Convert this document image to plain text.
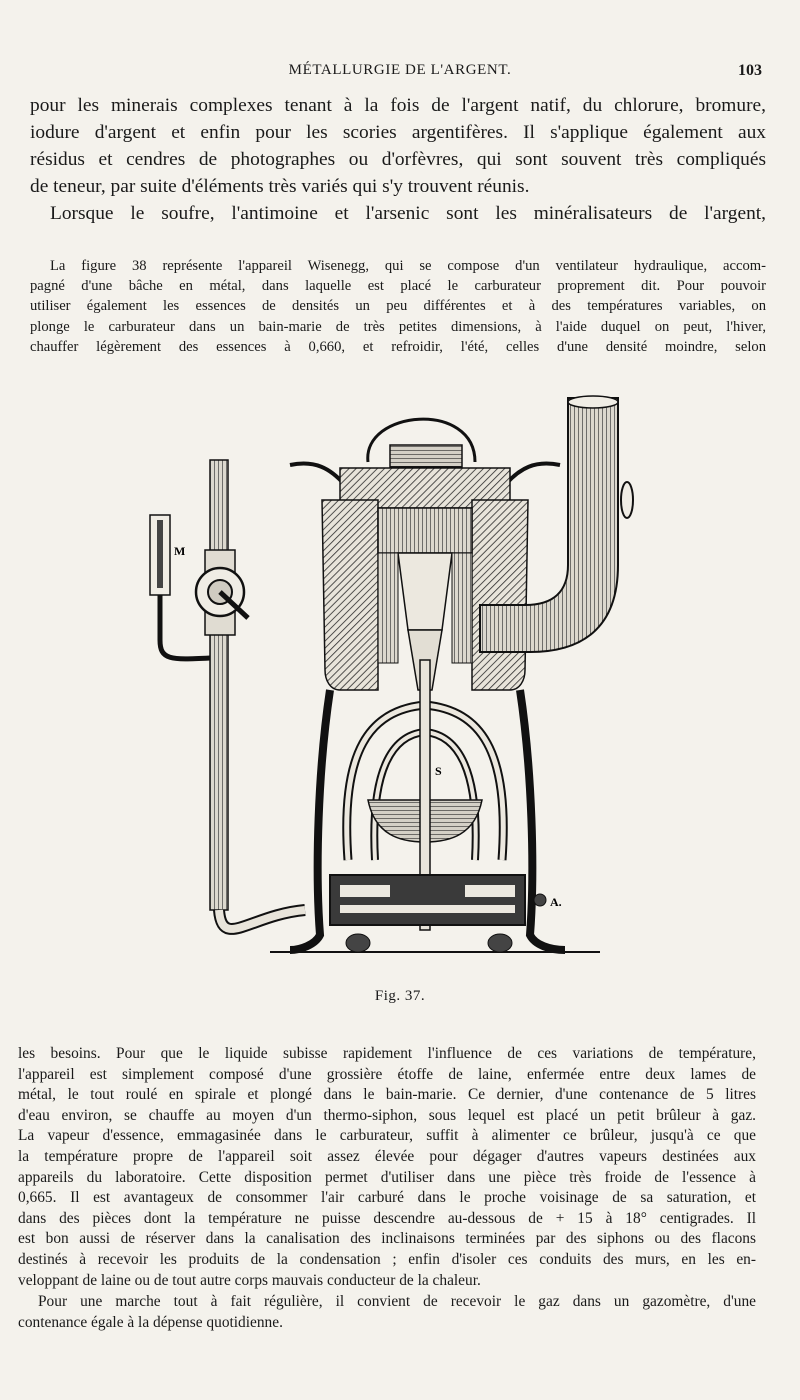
MÉTALLURGIE DE L'ARGENT.	103
pour les minerais complexes tenant à la fois de l'argent natif, du chlorure, bromure,
iodure d'argent et enfin pour les scories argentifères. Il s'applique également aux
résidus et cendres de photographes ou d'orfèvres, qui sont souvent très compliqués
de teneur, par suite d'éléments très variés qui s'y trouvent réunis.
Lorsque le soufre, l'antimoine et l'arsenic sont les minéralisateurs de l'argent,
La figure 38 représente l'appareil Wisenegg, qui se compose d'un ventilateur hydraulique, accom-
pagné d'une bâche en métal, dans laquelle est placé le carburateur proprement dit. Pour pouvoir
utiliser également les essences de densités un peu différentes et à des températures variables, on
plonge le carburateur dans un bain-marie de très petites dimensions, à l'aide duquel on peut, l'hiver,
chauffer légèrement des essences à 0,660, et refroidir, l'été, celles d'une densité moindre, selon
M
S
A.
Fig. 37.
les besoins. Pour que le liquide subisse rapidement l'influence de ces variations de température,
l'appareil est simplement composé d'une grossière étoffe de laine, enfermée entre deux lames de
métal, le tout roulé en spirale et plongé dans le bain-marie. Ce dernier, d'une contenance de 5 litres
d'eau environ, se chauffe au moyen d'un thermo-siphon, sous lequel est placé un petit brûleur à gaz.
La vapeur d'essence, emmagasinée dans le carburateur, suffit à alimenter ce brûleur, jusqu'à ce que
la température propre de l'appareil soit assez élevée pour dégager d'autres vapeurs destinées aux
appareils du laboratoire. Cette disposition permet d'utiliser dans une pièce très froide de l'essence à
0,665. Il est avantageux de consommer l'air carburé dans le proche voisinage de sa saturation, et
dans des pièces dont la température ne puisse descendre au-dessous de + 15 à 18° centigrades. Il
est bon aussi de réserver dans la canalisation des inclinaisons terminées par des siphons ou des flacons
destinés à recevoir les produits de la condensation ; enfin d'isoler ces conduits des murs, en les en-
veloppant de laine ou de tout autre corps mauvais conducteur de la chaleur.
Pour une marche tout à fait régulière, il convient de recevoir le gaz dans un gazomètre, d'une
contenance égale à la dépense quotidienne.
